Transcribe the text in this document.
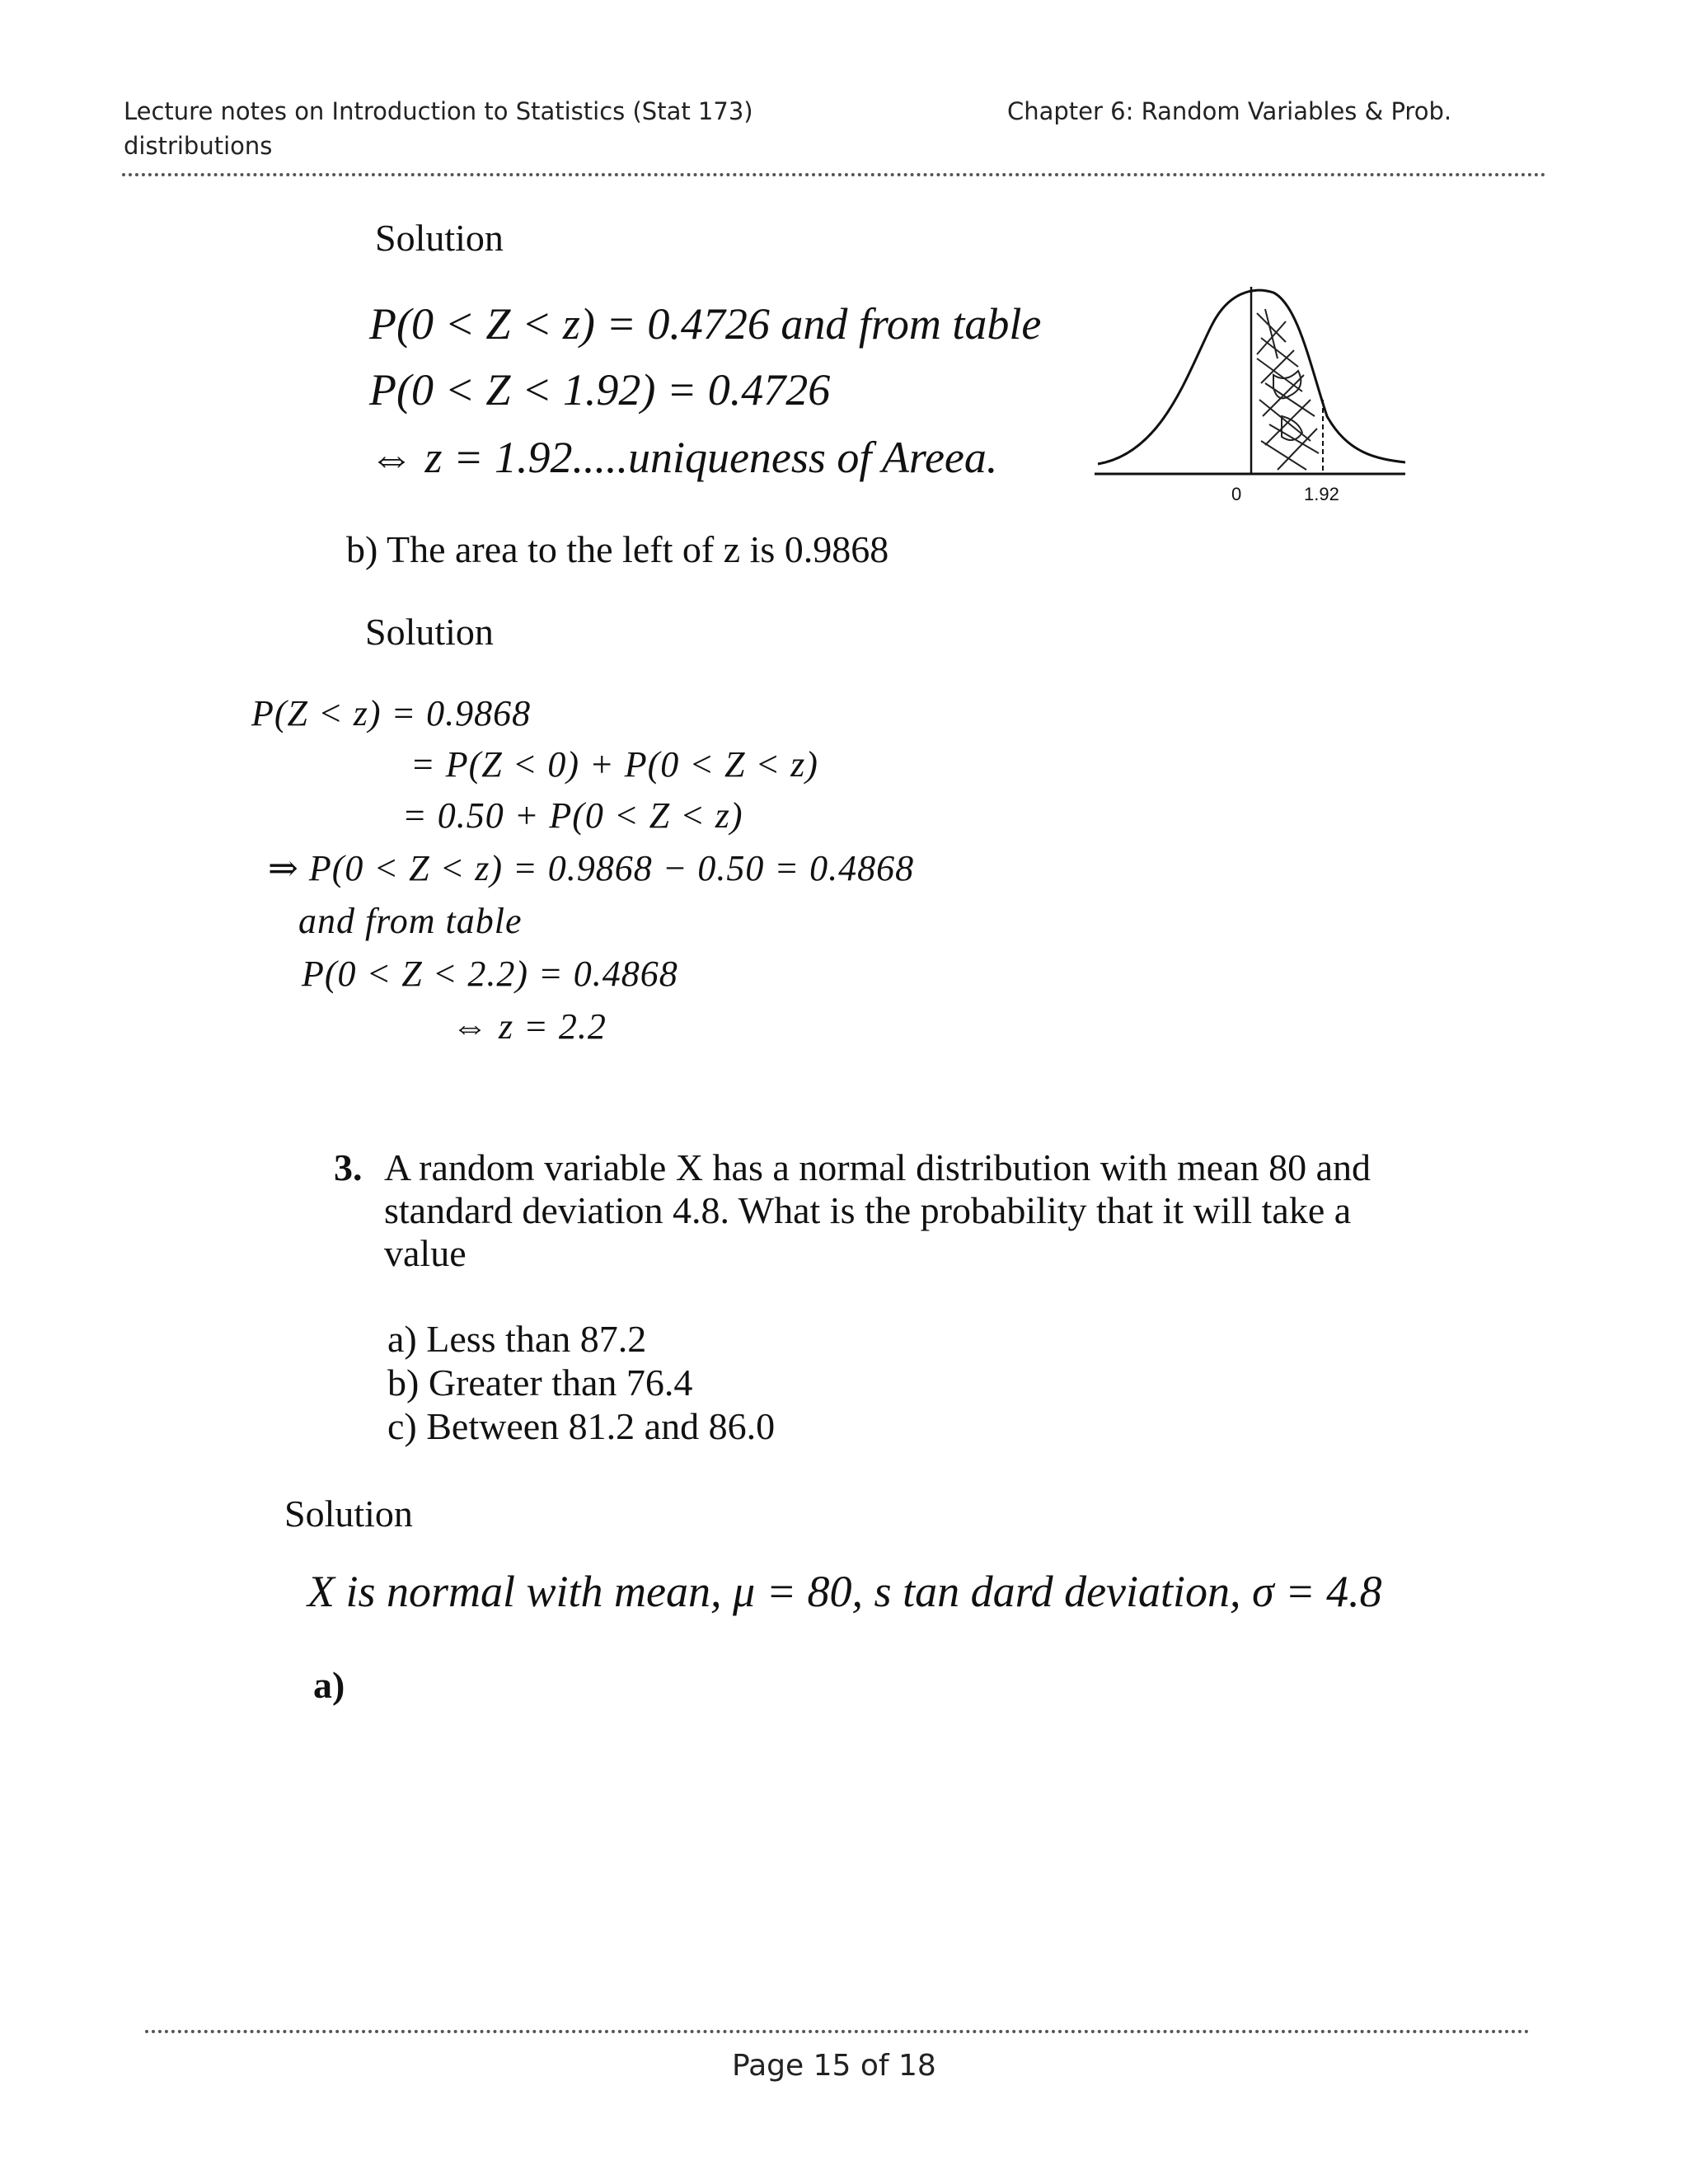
Lecture notes on Introduction to Statistics (Stat 173)
distributions
Chapter 6: Random Variables & Prob.
Solution
P(0 < Z < z) = 0.4726 and from table
P(0 < Z < 1.92) = 0.4726
⇔ z = 1.92.....uniqueness of Areea.
0	1.92
b) The area to the left of z is 0.9868
Solution
P(Z < z) = 0.9868
= P(Z < 0) + P(0 < Z < z)
= 0.50 + P(0 < Z < z)
⇒ P(0 < Z < z) = 0.9868 − 0.50 = 0.4868
and from table
P(0 < Z < 2.2) = 0.4868
⇔ z = 2.2
3. A random variable X has a normal distribution with mean 80 and
standard deviation 4.8. What is the probability that it will take a
value
a) Less than 87.2
b) Greater than 76.4
c) Between 81.2 and 86.0
Solution
X is normal with mean, μ = 80, s tan dard deviation, σ = 4.8
a)
Page 15 of 18
